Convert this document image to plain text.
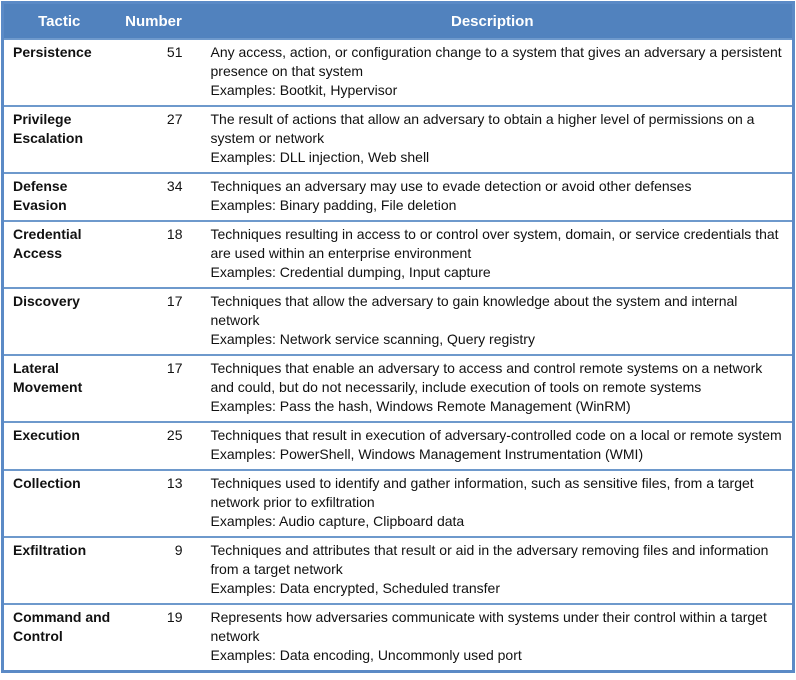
Tactic	Number	Description
Persistence	51	Any access, action, or configuration change to a system that gives an adversary a persistent presence on that system
Examples: Bootkit, Hypervisor
Privilege Escalation	27	The result of actions that allow an adversary to obtain a higher level of permissions on a system or network
Examples: DLL injection, Web shell
Defense Evasion	34	Techniques an adversary may use to evade detection or avoid other defenses
Examples: Binary padding, File deletion
Credential Access	18	Techniques resulting in access to or control over system, domain, or service credentials that are used within an enterprise environment
Examples: Credential dumping, Input capture
Discovery	17	Techniques that allow the adversary to gain knowledge about the system and internal network
Examples: Network service scanning, Query registry
Lateral Movement	17	Techniques that enable an adversary to access and control remote systems on a network and could, but do not necessarily, include execution of tools on remote systems
Examples: Pass the hash, Windows Remote Management (WinRM)
Execution	25	Techniques that result in execution of adversary-controlled code on a local or remote system
Examples: PowerShell, Windows Management Instrumentation (WMI)
Collection	13	Techniques used to identify and gather information, such as sensitive files, from a target network prior to exfiltration
Examples: Audio capture, Clipboard data
Exfiltration	9	Techniques and attributes that result or aid in the adversary removing files and information from a target network
Examples: Data encrypted, Scheduled transfer
Command and Control	19	Represents how adversaries communicate with systems under their control within a target network
Examples: Data encoding, Uncommonly used port
